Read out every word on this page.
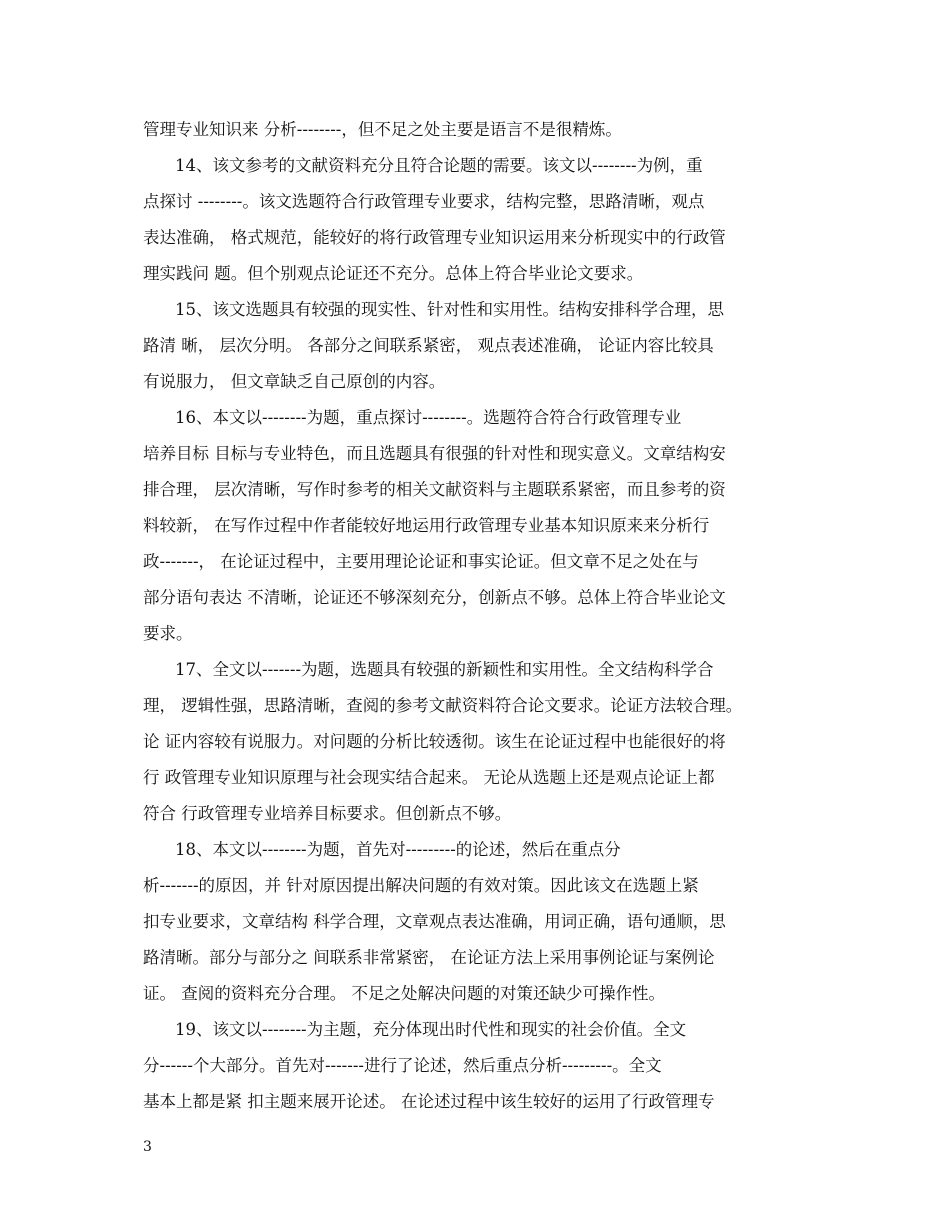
管理专业知识来 分析--------，但不足之处主要是语言不是很精炼。
14、该文参考的文献资料充分且符合论题的需要。该文以--------为例，重
点探讨 --------。该文选题符合行政管理专业要求，结构完整，思路清晰，观点
表达准确， 格式规范，能较好的将行政管理专业知识运用来分析现实中的行政管
理实践问 题。但个别观点论证还不充分。总体上符合毕业论文要求。
15、该文选题具有较强的现实性、针对性和实用性。结构安排科学合理，思
路清 晰， 层次分明。 各部分之间联系紧密， 观点表述准确， 论证内容比较具
有说服力， 但文章缺乏自己原创的内容。
16、本文以--------为题，重点探讨--------。选题符合符合行政管理专业
培养目标 目标与专业特色，而且选题具有很强的针对性和现实意义。文章结构安
排合理， 层次清晰，写作时参考的相关文献资料与主题联系紧密，而且参考的资
料较新， 在写作过程中作者能较好地运用行政管理专业基本知识原来来分析行
政-------， 在论证过程中，主要用理论论证和事实论证。但文章不足之处在与
部分语句表达 不清晰，论证还不够深刻充分，创新点不够。总体上符合毕业论文
要求。
17、全文以-------为题，选题具有较强的新颖性和实用性。全文结构科学合
理， 逻辑性强，思路清晰，查阅的参考文献资料符合论文要求。论证方法较合理。
论 证内容较有说服力。对问题的分析比较透彻。该生在论证过程中也能很好的将
行 政管理专业知识原理与社会现实结合起来。 无论从选题上还是观点论证上都
符合 行政管理专业培养目标要求。但创新点不够。
18、本文以--------为题，首先对---------的论述，然后在重点分
析-------的原因，并 针对原因提出解决问题的有效对策。因此该文在选题上紧
扣专业要求，文章结构 科学合理，文章观点表达准确，用词正确，语句通顺，思
路清晰。部分与部分之 间联系非常紧密， 在论证方法上采用事例论证与案例论
证。 查阅的资料充分合理。 不足之处解决问题的对策还缺少可操作性。
19、该文以--------为主题，充分体现出时代性和现实的社会价值。全文
分------个大部分。首先对-------进行了论述，然后重点分析---------。全文
基本上都是紧 扣主题来展开论述。 在论述过程中该生较好的运用了行政管理专
3
